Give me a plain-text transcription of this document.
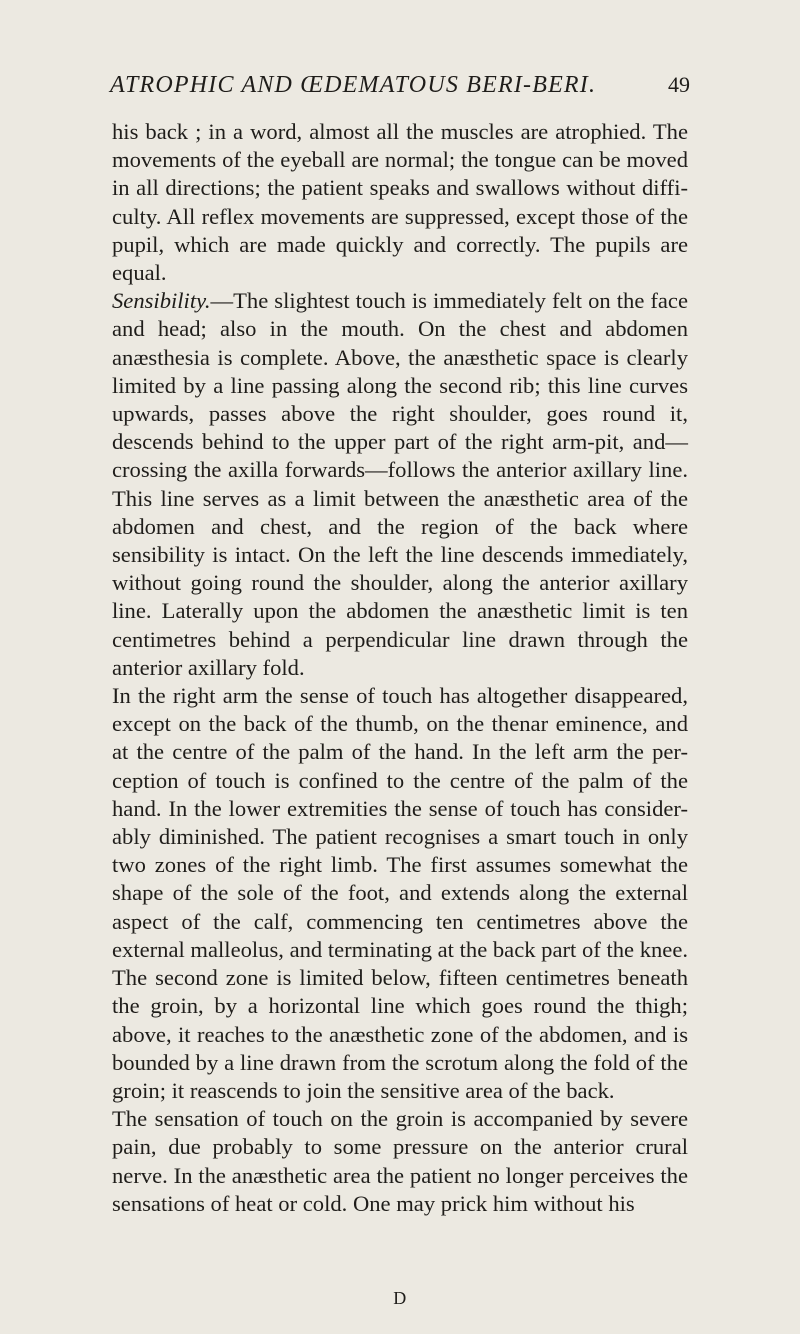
ATROPHIC AND ŒDEMATOUS BERI-BERI.	49

his back ; in a word, almost all the muscles are atrophied. The movements of the eyeball are normal; the tongue can be moved in all directions; the patient speaks and swallows without diffi-culty. All reflex movements are suppressed, except those of the pupil, which are made quickly and correctly. The pupils are equal.

Sensibility.—The slightest touch is immediately felt on the face and head; also in the mouth. On the chest and abdomen anæsthesia is complete. Above, the anæsthetic space is clearly limited by a line passing along the second rib; this line curves upwards, passes above the right shoulder, goes round it, descends behind to the upper part of the right arm-pit, and—crossing the axilla forwards—follows the anterior axillary line. This line serves as a limit between the anæsthetic area of the abdomen and chest, and the region of the back where sensibility is intact. On the left the line descends immediately, without going round the shoulder, along the anterior axillary line. Laterally upon the abdomen the anæsthetic limit is ten centimetres behind a perpendicular line drawn through the anterior axillary fold.

In the right arm the sense of touch has altogether disappeared, except on the back of the thumb, on the thenar eminence, and at the centre of the palm of the hand. In the left arm the per-ception of touch is confined to the centre of the palm of the hand. In the lower extremities the sense of touch has consider-ably diminished. The patient recognises a smart touch in only two zones of the right limb. The first assumes somewhat the shape of the sole of the foot, and extends along the external aspect of the calf, commencing ten centimetres above the external malleolus, and terminating at the back part of the knee. The second zone is limited below, fifteen centimetres beneath the groin, by a horizontal line which goes round the thigh; above, it reaches to the anæsthetic zone of the abdomen, and is bounded by a line drawn from the scrotum along the fold of the groin; it reascends to join the sensitive area of the back.

The sensation of touch on the groin is accompanied by severe pain, due probably to some pressure on the anterior crural nerve. In the anæsthetic area the patient no longer perceives the sensations of heat or cold. One may prick him without his

D
